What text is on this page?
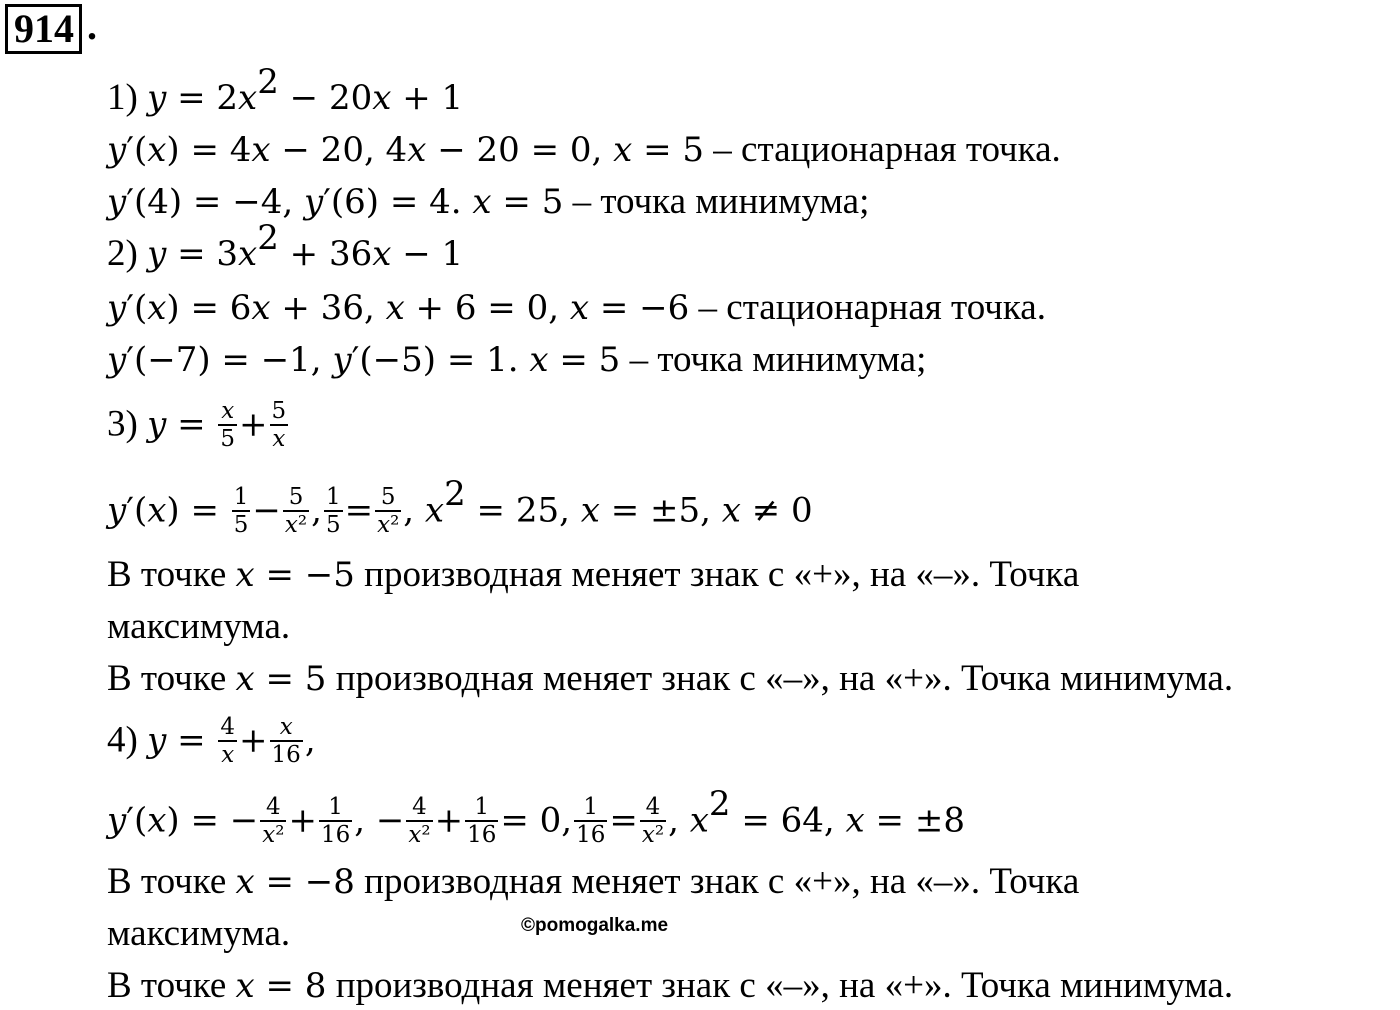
914 .
1) $y = 2x^2 - 20x + 1$
y′(x) = 4x − 20, 4x − 20 = 0, x = 5 – стационарная точка.
y′(4) = −4, y′(6) = 4. x = 5 – точка минимума;
2) $y = 3x^2 + 36x - 1$
y′(x) = 6x + 36, x + 6 = 0, x = −6 – стационарная точка.
y′(−7) = −1, y′(−5) = 1. x = 5 – точка минимума;
3) $y = \frac{x}{5} + \frac{5}{x}$
$y'(x) = \frac{1}{5} - \frac{5}{\text{x²}}$ , $\frac{1}{5} = \frac{5}{\text{x²}}$ , $x^2 = 25$, x = ±5, x ≠ 0
В точке x = −5 производная меняет знак с «+», на «–». Точка
максимума.
В точке x = 5 производная меняет знак с «–», на «+». Точка минимума.
4) $y = \frac{4}{x} + \frac{x}{16}$ ,
y′(x) = − $\frac{4}{\text{x²}} + \frac{1}{16}$ , − $\frac{4}{\text{x²}} + \frac{1}{16} = 0$, $\frac{1}{16} = \frac{4}{\text{x²}}$ , $x^2 = 64$, x = ±8
В точке x = −8 производная меняет знак с «+», на «–». Точка
максимума.
В точке x = 8 производная меняет знак с «–», на «+». Точка минимума.
©pomogalka.me
